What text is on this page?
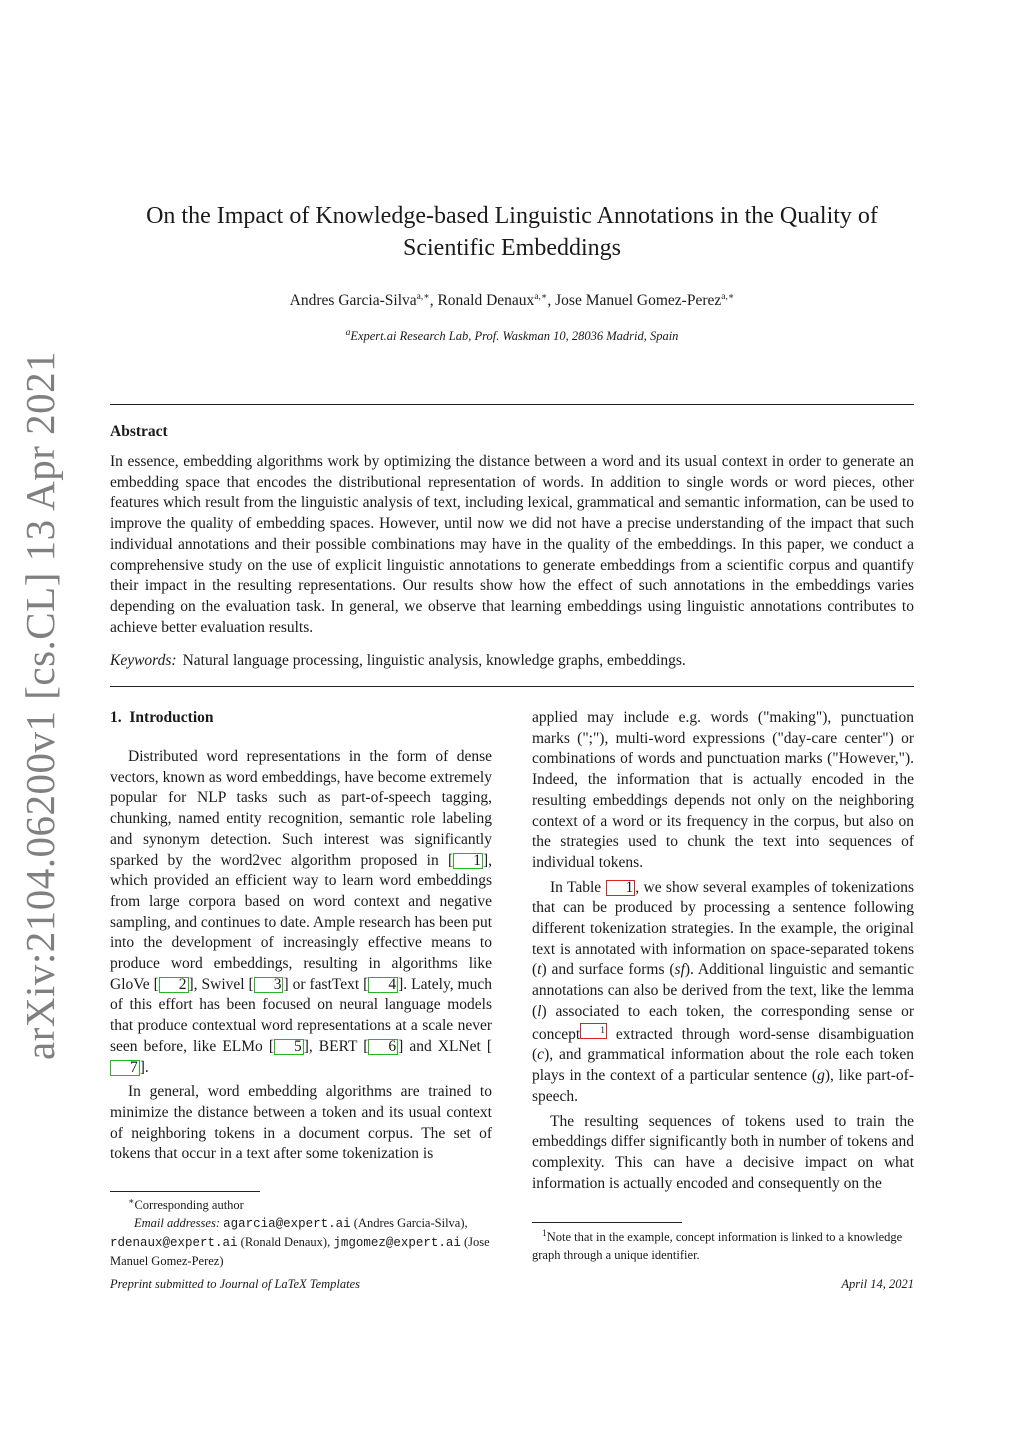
arXiv:2104.06200v1 [cs.CL] 13 Apr 2021
On the Impact of Knowledge-based Linguistic Annotations in the Quality of
Scientific Embeddings
Andres Garcia-Silva$^{a,∗}$, Ronald Denaux$^{a,∗}$, Jose Manuel Gomez-Perez$^{a,∗}$
$^a$Expert.ai Research Lab, Prof. Waskman 10, 28036 Madrid, Spain
Abstract
In essence, embedding algorithms work by optimizing the distance between a word and its usual context in order to generate an embedding space that encodes the distributional representation of words. In addition to single words or word pieces, other features which result from the linguistic analysis of text, including lexical, grammatical and semantic information, can be used to improve the quality of embedding spaces. However, until now we did not have a precise understanding of the impact that such individual annotations and their possible combinations may have in the quality of the embeddings. In this paper, we conduct a comprehensive study on the use of explicit linguistic annotations to generate embeddings from a scientific corpus and quantify their impact in the resulting representations. Our results show how the effect of such annotations in the embeddings varies depending on the evaluation task. In general, we observe that learning embeddings using linguistic annotations contributes to achieve better evaluation results.
Keywords: Natural language processing, linguistic analysis, knowledge graphs, embeddings.
1. Introduction

Distributed word representations in the form of dense vectors, known as word embeddings, have become extremely popular for NLP tasks such as part-of-speech tagging, chunking, named entity recognition, semantic role labeling and synonym detection. Such interest was significantly sparked by the word2vec algorithm proposed in [ 1 ], which provided an efficient way to learn word embeddings from large corpora based on word context and negative sampling, and continues to date. Ample research has been put into the development of increasingly effective means to produce word embeddings, resulting in algorithms like GloVe [ 2 ], Swivel [ 3 ] or fastText [ 4 ]. Lately, much of this effort has been focused on neural language models that produce contextual word representations at a scale never seen before, like ELMo [ 5 ], BERT [ 6 ] and XLNet [7 ].

In general, word embedding algorithms are trained to minimize the distance between a token and its usual context of neighboring tokens in a document corpus. The set of tokens that occur in a text after some tokenization is

applied may include e.g. words ("making"), punctuation marks (";"), multi-word expressions ("day-care center") or combinations of words and punctuation marks ("However,"). Indeed, the information that is actually encoded in the resulting embeddings depends not only on the neighboring context of a word or its frequency in the corpus, but also on the strategies used to chunk the text into sequences of individual tokens.

In Table 1 , we show several examples of tokenizations that can be produced by processing a sentence following different tokenization strategies. In the example, the original text is annotated with information on space-separated tokens (t) and surface forms (sf). Additional linguistic and semantic annotations can also be derived from the text, like the lemma (l) associated to each token, the corresponding sense or concept $^1$ extracted through word-sense disambiguation (c), and grammatical information about the role each token plays in the context of a particular sentence (g), like part-of-speech.

The resulting sequences of tokens used to train the embeddings differ significantly both in number of tokens and complexity. This can have a decisive impact on what information is actually encoded and consequently on the

∗Corresponding author
Email addresses: agarcia@expert.ai (Andres Garcia-Silva), rdenaux@expert.ai (Ronald Denaux), jmgomez@expert.ai (Jose Manuel Gomez-Perez)
$^1$Note that in the example, concept information is linked to a knowledge graph through a unique identifier.
Preprint submitted to Journal of LaTeX Templates	April 14, 2021
